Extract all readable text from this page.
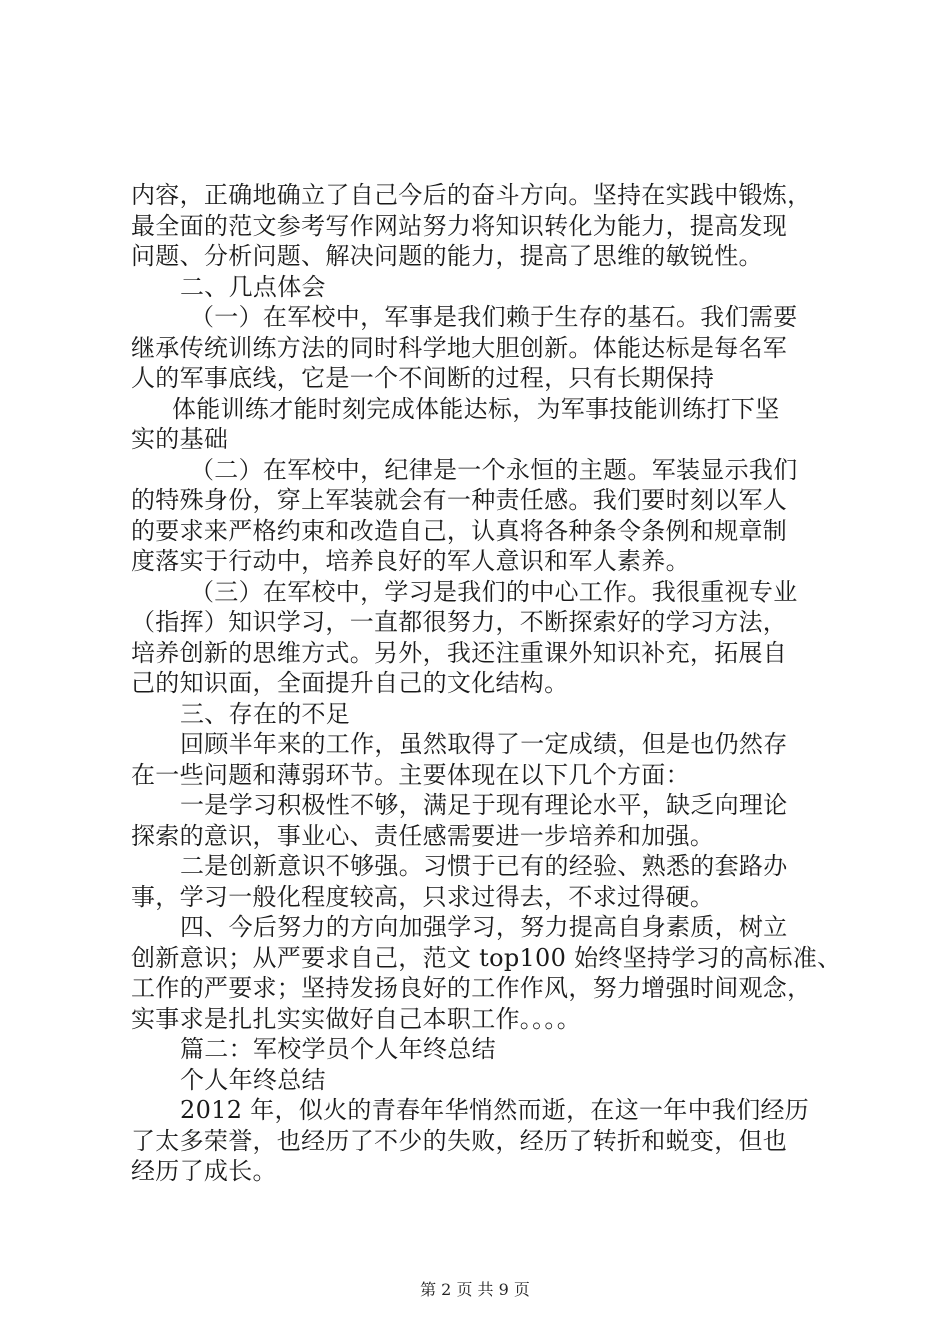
内容，正确地确立了自己今后的奋斗方向。坚持在实践中锻炼，
最全面的范文参考写作网站努力将知识转化为能力，提高发现
问题、分析问题、解决问题的能力，提高了思维的敏锐性。
二、几点体会
（一）在军校中，军事是我们赖于生存的基石。我们需要
继承传统训练方法的同时科学地大胆创新。体能达标是每名军
人的军事底线，它是一个不间断的过程，只有长期保持
体能训练才能时刻完成体能达标，为军事技能训练打下坚
实的基础
（二）在军校中，纪律是一个永恒的主题。军装显示我们
的特殊身份，穿上军装就会有一种责任感。我们要时刻以军人
的要求来严格约束和改造自己，认真将各种条令条例和规章制
度落实于行动中，培养良好的军人意识和军人素养。
（三）在军校中，学习是我们的中心工作。我很重视专业
（指挥）知识学习，一直都很努力，不断探索好的学习方法，
培养创新的思维方式。另外，我还注重课外知识补充，拓展自
己的知识面，全面提升自己的文化结构。
三、存在的不足
回顾半年来的工作，虽然取得了一定成绩，但是也仍然存
在一些问题和薄弱环节。主要体现在以下几个方面：
一是学习积极性不够，满足于现有理论水平，缺乏向理论
探索的意识，事业心、责任感需要进一步培养和加强。
二是创新意识不够强。习惯于已有的经验、熟悉的套路办
事，学习一般化程度较高，只求过得去，不求过得硬。
四、今后努力的方向加强学习，努力提高自身素质，树立
创新意识；从严要求自己，范文 top100 始终坚持学习的高标准、
工作的严要求；坚持发扬良好的工作作风，努力增强时间观念，
实事求是扎扎实实做好自己本职工作。。。。
篇二：军校学员个人年终总结
个人年终总结
2012 年，似火的青春年华悄然而逝，在这一年中我们经历
了太多荣誉，也经历了不少的失败，经历了转折和蜕变，但也
经历了成长。
第 2 页 共 9 页
